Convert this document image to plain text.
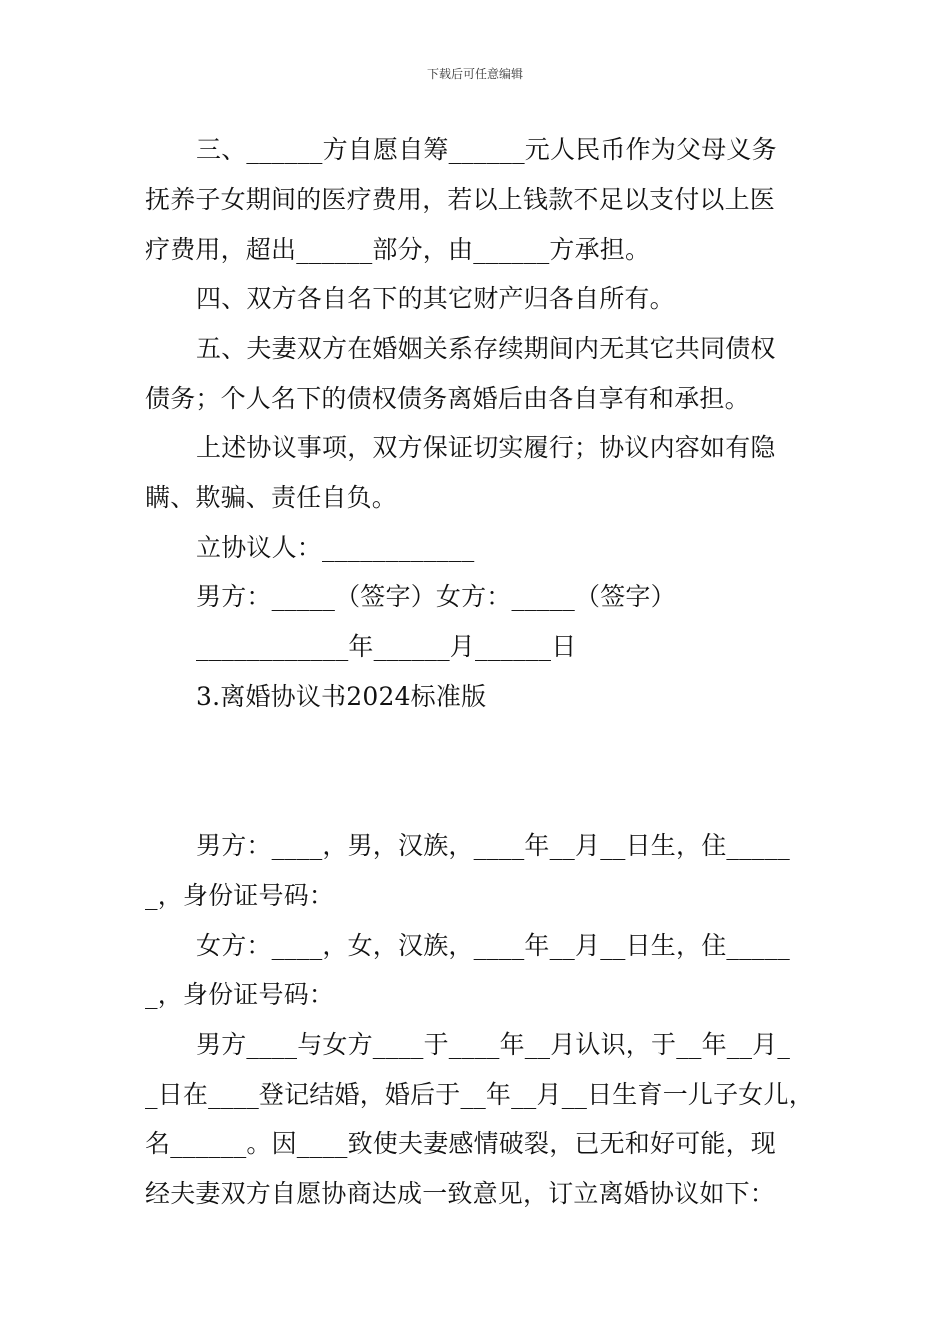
下载后可任意编辑
三、______方自愿自筹______元人民币作为父母义务
抚养子女期间的医疗费用，若以上钱款不足以支付以上医
疗费用，超出______部分，由______方承担。
四、双方各自名下的其它财产归各自所有。
五、夫妻双方在婚姻关系存续期间内无其它共同债权
债务；个人名下的债权债务离婚后由各自享有和承担。
上述协议事项，双方保证切实履行；协议内容如有隐
瞒、欺骗、责任自负。
立协议人：____________
男方：_____（签字）女方：_____（签字）
____________年______月______日
3.离婚协议书2024标准版
男方：____，男，汉族，____年__月__日生，住_____
_，身份证号码：
女方：____，女，汉族，____年__月__日生，住_____
_，身份证号码：
男方____与女方____于____年__月认识，于__年__月_
_日在____登记结婚，婚后于__年__月__日生育一儿子女儿，
名______。因____致使夫妻感情破裂，已无和好可能，现
经夫妻双方自愿协商达成一致意见，订立离婚协议如下：
